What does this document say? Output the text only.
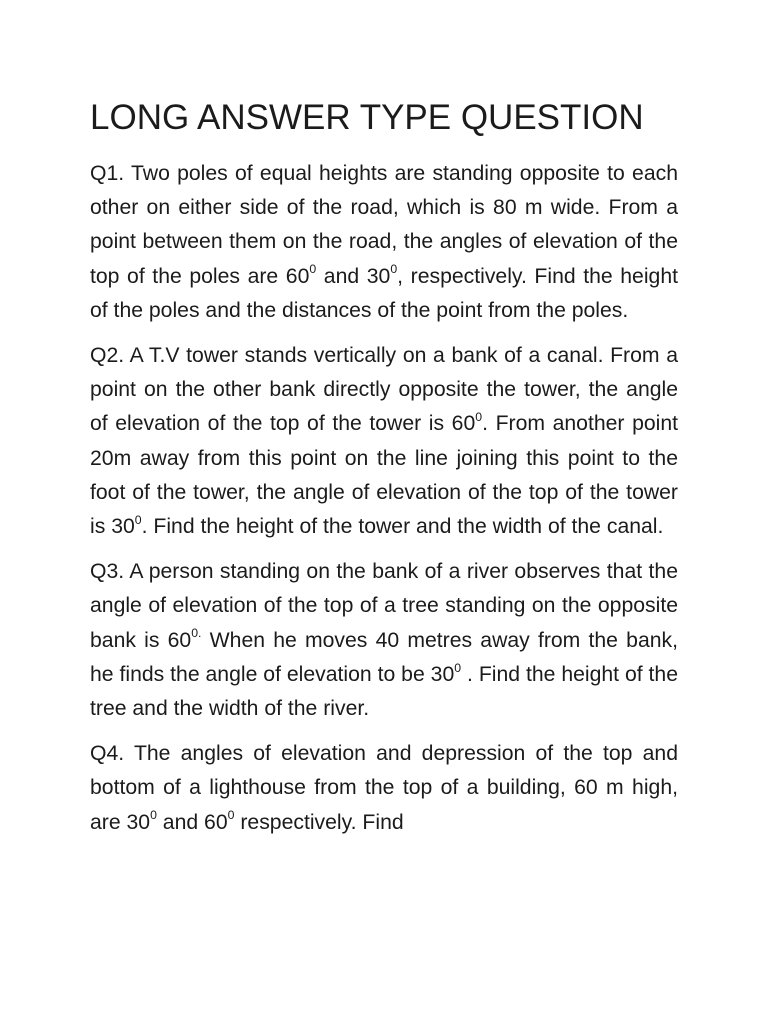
LONG ANSWER TYPE QUESTION

Q1. Two poles of equal heights are standing opposite to each other on either side of the road, which is 80 m wide. From a point between them on the road, the angles of elevation of the top of the poles are $60^0$ and $30^0$, respectively. Find the height of the poles and the distances of the point from the poles.

Q2. A T.V tower stands vertically on a bank of a canal. From a point on the other bank directly opposite the tower, the angle of elevation of the top of the tower is $60^0$. From another point 20m away from this point on the line joining this point to the foot of the tower, the angle of elevation of the top of the tower is $30^0$. Find the height of the tower and the width of the canal.

Q3. A person standing on the bank of a river observes that the angle of elevation of the top of a tree standing on the opposite bank is $60^{0.}$ When he moves 40 metres away from the bank, he finds the angle of elevation to be $30^0$ . Find the height of the tree and the width of the river.

Q4. The angles of elevation and depression of the top and bottom of a lighthouse from the top of a building, 60 m high, are $30^0$ and $60^0$ respectively. Find
